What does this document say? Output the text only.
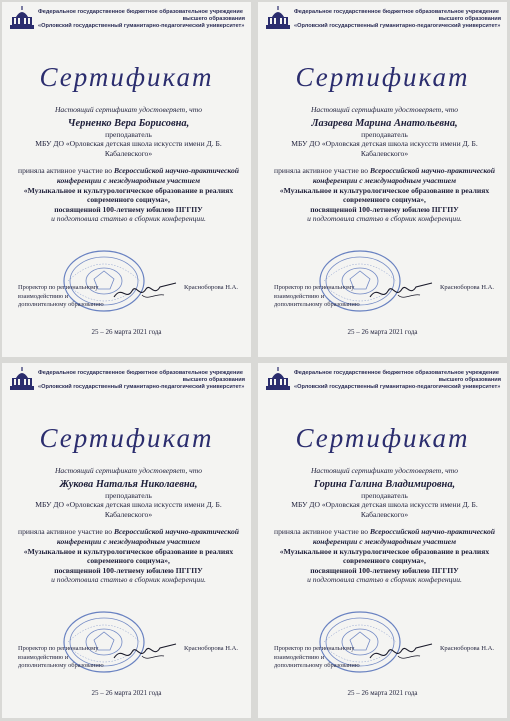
Федеральное государственное бюджетное образовательное учреждение
высшего образования
«Орловский государственный гуманитарно-педагогический университет»
Сертификат
Настоящий сертификат удостоверяет, что
Черненко Вера Борисовна,
преподаватель
МБУ ДО «Орловская детская школа искусств имени Д. Б. Кабалевского»
приняла активное участие во Всероссийской научно-практической конференции с международным участием
«Музыкальное и культурологическое образование в реалиях современного социума»,
посвященной 100-летнему юбилею ПГГПУ
и подготовила статью в сборник конференции.
Проректор по региональному взаимодействию и дополнительному образованию
Красноборова Н.А.
25 – 26 марта 2021 года
Федеральное государственное бюджетное образовательное учреждение
высшего образования
«Орловский государственный гуманитарно-педагогический университет»
Сертификат
Настоящий сертификат удостоверяет, что
Лазарева Марина Анатольевна,
преподаватель
МБУ ДО «Орловская детская школа искусств имени Д. Б. Кабалевского»
приняла активное участие во Всероссийской научно-практической конференции с международным участием
«Музыкальное и культурологическое образование в реалиях современного социума»,
посвященной 100-летнему юбилею ПГГПУ
и подготовила статью в сборник конференции.
Проректор по региональному взаимодействию и дополнительному образованию
Красноборова Н.А.
25 – 26 марта 2021 года
Федеральное государственное бюджетное образовательное учреждение
высшего образования
«Орловский государственный гуманитарно-педагогический университет»
Сертификат
Настоящий сертификат удостоверяет, что
Жукова Наталья Николаевна,
преподаватель
МБУ ДО «Орловская детская школа искусств имени Д. Б. Кабалевского»
приняла активное участие во Всероссийской научно-практической конференции с международным участием
«Музыкальное и культурологическое образование в реалиях современного социума»,
посвященной 100-летнему юбилею ПГГПУ
и подготовила статью в сборник конференции.
Проректор по региональному взаимодействию и дополнительному образованию
Красноборова Н.А.
25 – 26 марта 2021 года
Федеральное государственное бюджетное образовательное учреждение
высшего образования
«Орловский государственный гуманитарно-педагогический университет»
Сертификат
Настоящий сертификат удостоверяет, что
Горина Галина Владимировна,
преподаватель
МБУ ДО «Орловская детская школа искусств имени Д. Б. Кабалевского»
приняла активное участие во Всероссийской научно-практической конференции с международным участием
«Музыкальное и культурологическое образование в реалиях современного социума»,
посвященной 100-летнему юбилею ПГГПУ
и подготовила статью в сборник конференции.
Проректор по региональному взаимодействию и дополнительному образованию
Красноборова Н.А.
25 – 26 марта 2021 года
